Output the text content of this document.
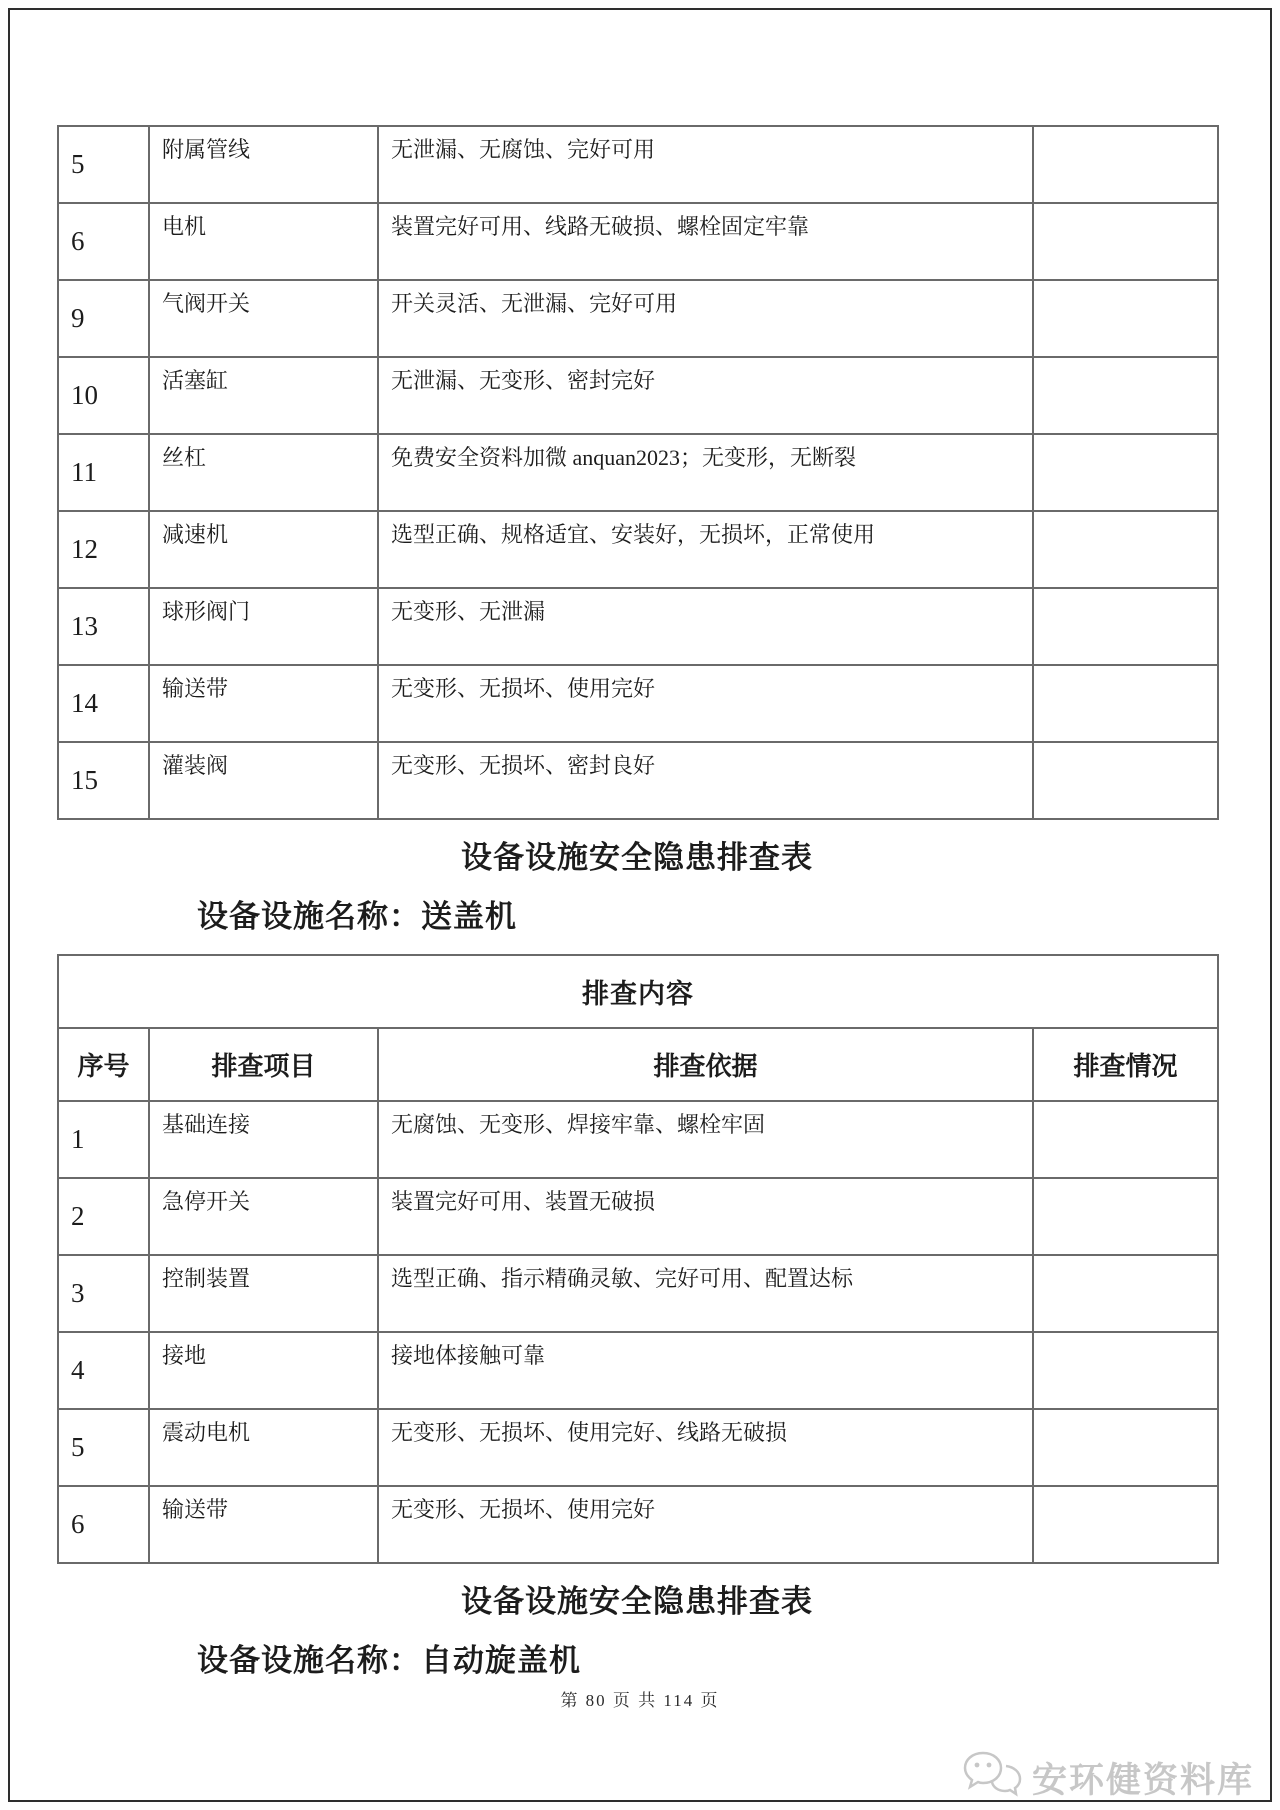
5	附属管线	无泄漏、无腐蚀、完好可用	
6	电机	装置完好可用、线路无破损、螺栓固定牢靠	
9	气阀开关	开关灵活、无泄漏、完好可用	
10	活塞缸	无泄漏、无变形、密封完好	
11	丝杠	免费安全资料加微 anquan2023；无变形，无断裂	
12	减速机	选型正确、规格适宜、安装好，无损坏，正常使用	
13	球形阀门	无变形、无泄漏	
14	输送带	无变形、无损坏、使用完好	
15	灌装阀	无变形、无损坏、密封良好	
设备设施安全隐患排查表
设备设施名称：送盖机
排查内容			
序号	排查项目	排查依据	排查情况
1	基础连接	无腐蚀、无变形、焊接牢靠、螺栓牢固	
2	急停开关	装置完好可用、装置无破损	
3	控制装置	选型正确、指示精确灵敏、完好可用、配置达标	
4	接地	接地体接触可靠	
5	震动电机	无变形、无损坏、使用完好、线路无破损	
6	输送带	无变形、无损坏、使用完好	
设备设施安全隐患排查表
设备设施名称：自动旋盖机
第 80 页 共 114 页
安环健资料库
